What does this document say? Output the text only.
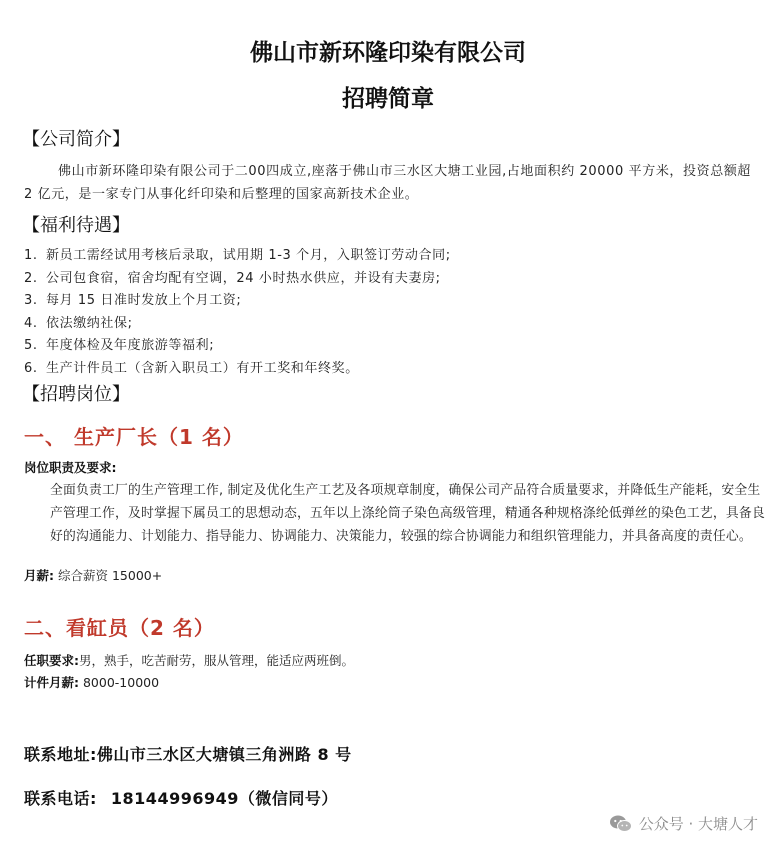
佛山市新环隆印染有限公司
招聘简章
【公司简介】
佛山市新环隆印染有限公司于二00四成立,座落于佛山市三水区大塘工业园,占地面积约 20000 平方米，投资总额超 2 亿元，是一家专门从事化纤印染和后整理的国家高新技术企业。
【福利待遇】
1. 新员工需经试用考核后录取，试用期 1-3 个月，入职签订劳动合同;
2. 公司包食宿，宿舍均配有空调，24 小时热水供应，并设有夫妻房;
3. 每月 15 日准时发放上个月工资;
4. 依法缴纳社保;
5. 年度体检及年度旅游等福利;
6. 生产计件员工（含新入职员工）有开工奖和年终奖。
【招聘岗位】
一、 生产厂长（1 名）
岗位职责及要求:
全面负责工厂的生产管理工作, 制定及优化生产工艺及各项规章制度，确保公司产品符合质量要求，并降低生产能耗，安全生产管理工作，及时掌握下属员工的思想动态，五年以上涤纶筒子染色高级管理，精通各种规格涤纶低弹丝的染色工艺，具备良好的沟通能力、计划能力、指导能力、协调能力、决策能力，较强的综合协调能力和组织管理能力，并具备高度的责任心。
月薪: 综合薪资 15000+
二、看缸员（2 名）
任职要求:男，熟手，吃苦耐劳，服从管理，能适应两班倒。
计件月薪: 8000-10000
联系地址:佛山市三水区大塘镇三角洲路 8 号
联系电话: 18144996949（微信同号）
公众号 · 大塘人才
